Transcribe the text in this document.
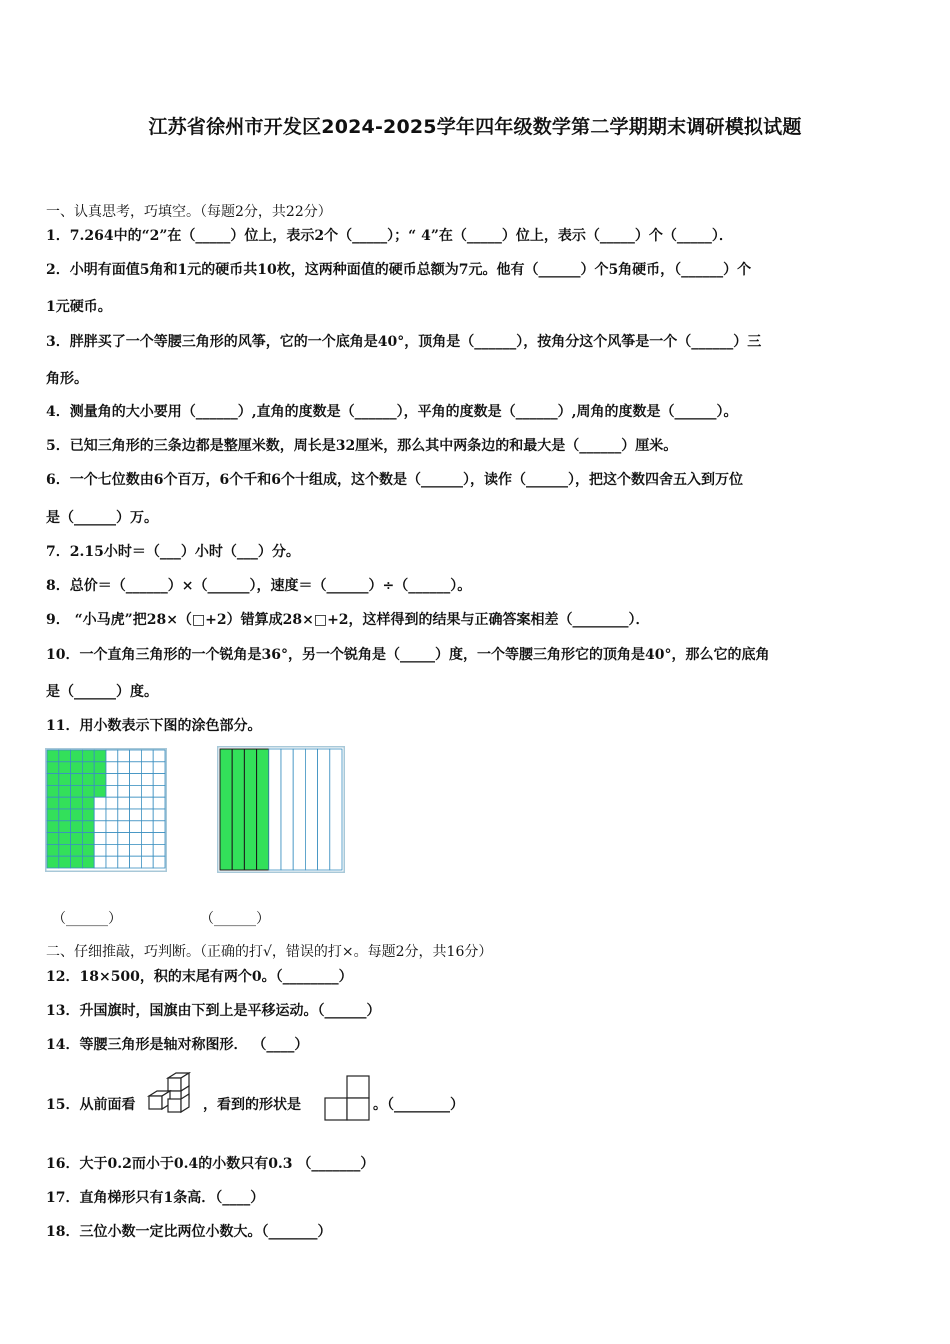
江苏省徐州市开发区2024-2025学年四年级数学第二学期期末调研模拟试题
一、认真思考，巧填空。（每题2分，共22分）
1．7.264中的“2”在（_____）位上，表示2个（_____）；“ 4”在（_____）位上，表示（_____）个（_____）．
2．小明有面值5角和1元的硬币共10枚，这两种面值的硬币总额为7元。他有（______）个5角硬币，（______）个
1元硬币。
3．胖胖买了一个等腰三角形的风筝，它的一个底角是40°，顶角是（______），按角分这个风筝是一个（______）三
角形。
4．测量角的大小要用（______）,直角的度数是（______），平角的度数是（______）,周角的度数是（______）。
5．已知三角形的三条边都是整厘米数，周长是32厘米，那么其中两条边的和最大是（______）厘米。
6．一个七位数由6个百万，6个千和6个十组成，这个数是（______），读作（______），把这个数四舍五入到万位
是（______）万。
7．2.15小时＝（___）小时（___）分。
8．总价＝（______）×（______），速度＝（______）÷（______）。
9． “小马虎”把28×（□+2）错算成28×□+2，这样得到的结果与正确答案相差（________）．
10．一个直角三角形的一个锐角是36°，另一个锐角是（_____）度，一个等腰三角形它的顶角是40°，那么它的底角
是（______）度。
11．用小数表示下图的涂色部分。
（______）	（______）
二、仔细推敲，巧判断。（正确的打√，错误的打×。每题2分，共16分）
12．18×500，积的末尾有两个0。（________）
13．升国旗时，国旗由下到上是平移运动。（______）
14．等腰三角形是轴对称图形． （____）
15．从前面看	，看到的形状是	。（________）
16．大于0.2而小于0.4的小数只有0.3 （_______）
17．直角梯形只有1条高．（____）
18．三位小数一定比两位小数大。（_______）
